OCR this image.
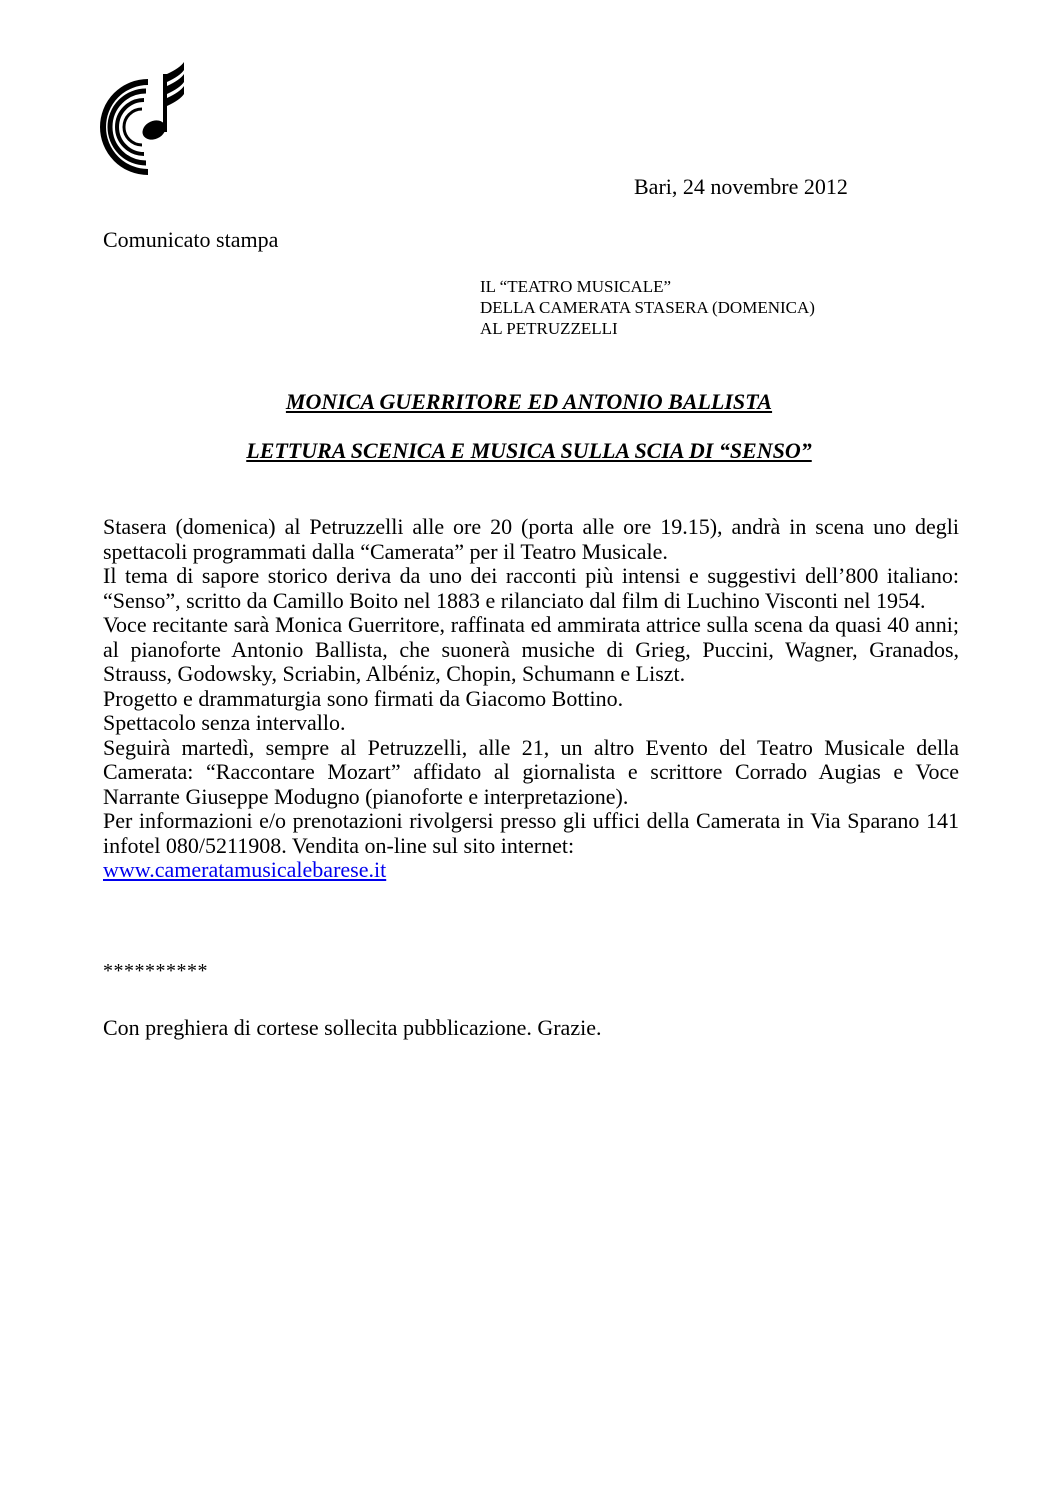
Bari, 24 novembre 2012
Comunicato stampa
IL “TEATRO MUSICALE”
DELLA CAMERATA STASERA (DOMENICA)
AL PETRUZZELLI
MONICA GUERRITORE ED ANTONIO BALLISTA
LETTURA SCENICA E MUSICA SULLA SCIA DI “SENSO”

Stasera (domenica) al Petruzzelli alle ore 20 (porta alle ore 19.15), andrà in scena uno degli spettacoli programmati dalla “Camerata” per il Teatro Musicale.

Il tema di sapore storico deriva da uno dei racconti più intensi e suggestivi dell’800 italiano: “Senso”, scritto da Camillo Boito nel 1883 e rilanciato dal film di Luchino Visconti nel 1954.

Voce recitante sarà Monica Guerritore, raffinata ed ammirata attrice sulla scena da quasi 40 anni; al pianoforte Antonio Ballista, che suonerà musiche di Grieg, Puccini, Wagner, Granados, Strauss, Godowsky, Scriabin, Albéniz, Chopin, Schumann e Liszt.

Progetto e drammaturgia sono firmati da Giacomo Bottino.

Spettacolo senza intervallo.

Seguirà martedì, sempre al Petruzzelli, alle 21, un altro Evento del Teatro Musicale della Camerata: “Raccontare Mozart” affidato al giornalista e scrittore Corrado Augias e Voce Narrante Giuseppe Modugno (pianoforte e interpretazione).

Per informazioni e/o prenotazioni rivolgersi presso gli uffici della Camerata in Via Sparano 141 infotel 080/5211908. Vendita on-line sul sito internet:

www.cameratamusicalebarese.it

**********
Con preghiera di cortese sollecita pubblicazione. Grazie.
